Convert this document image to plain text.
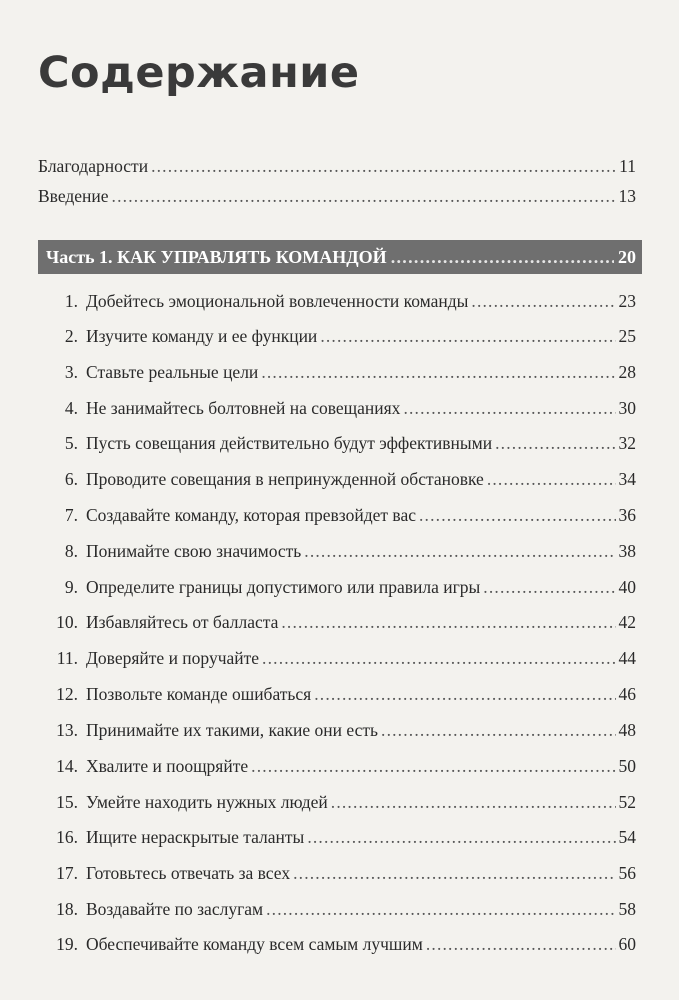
Содержание
Благодарности . . .	11
Введение . . .	13
Часть 1. КАК УПРАВЛЯТЬ КОМАНДОЙ . . .	20
1. Добейтесь эмоциональной вовлеченности команды . . .	23
2. Изучите команду и ее функции . . .	25
3. Ставьте реальные цели . . .	28
4. Не занимайтесь болтовней на совещаниях . . .	30
5. Пусть совещания действительно будут эффективными . . .	32
6. Проводите совещания в непринужденной обстановке . . .	34
7. Создавайте команду, которая превзойдет вас . . .	36
8. Понимайте свою значимость . . .	38
9. Определите границы допустимого или правила игры . . .	40
10. Избавляйтесь от балласта . . .	42
11. Доверяйте и поручайте . . .	44
12. Позвольте команде ошибаться . . .	46
13. Принимайте их такими, какие они есть . . .	48
14. Хвалите и поощряйте . . .	50
15. Умейте находить нужных людей . . .	52
16. Ищите нераскрытые таланты . . .	54
17. Готовьтесь отвечать за всех . . .	56
18. Воздавайте по заслугам . . .	58
19. Обеспечивайте команду всем самым лучшим . . .	60
